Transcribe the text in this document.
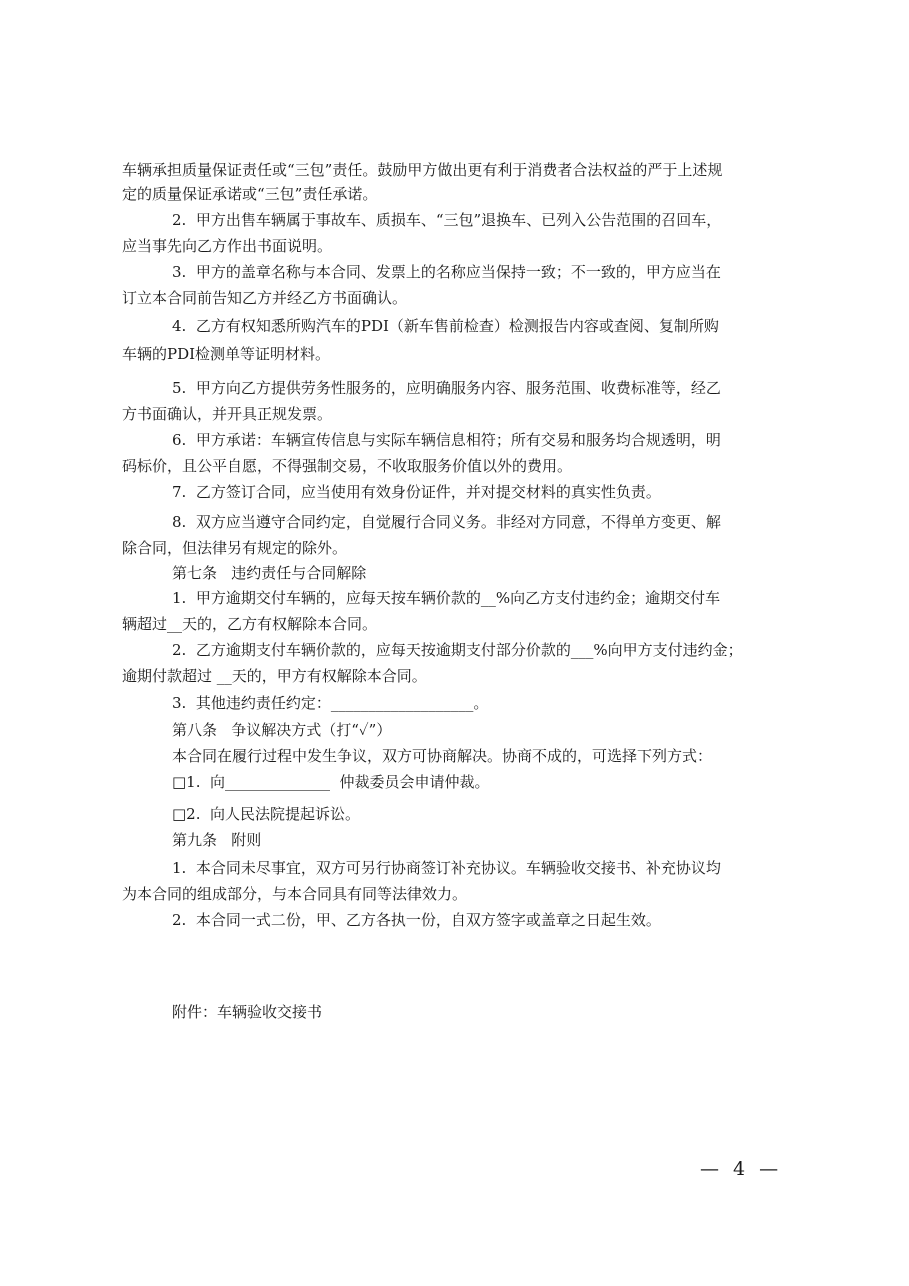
车辆承担质量保证责任或“三包”责任。鼓励甲方做出更有利于消费者合法权益的严于上述规
定的质量保证承诺或“三包”责任承诺。
2.  甲方出售车辆属于事故车、质损车、“三包”退换车、已列入公告范围的召回车，
应当事先向乙方作出书面说明。
3.  甲方的盖章名称与本合同、发票上的名称应当保持一致；不一致的，甲方应当在
订立本合同前告知乙方并经乙方书面确认。
4.  乙方有权知悉所购汽车的PDI（新车售前检查）检测报告内容或查阅、复制所购
车辆的PDI检测单等证明材料。
5.  甲方向乙方提供劳务性服务的，应明确服务内容、服务范围、收费标准等，经乙
方书面确认，并开具正规发票。
6.  甲方承诺：车辆宣传信息与实际车辆信息相符；所有交易和服务均合规透明，明
码标价，且公平自愿，不得强制交易，不收取服务价值以外的费用。
7.  乙方签订合同，应当使用有效身份证件，并对提交材料的真实性负责。
8.  双方应当遵守合同约定，自觉履行合同义务。非经对方同意，不得单方变更、解
除合同，但法律另有规定的除外。
第七条   违约责任与合同解除
1.  甲方逾期交付车辆的，应每天按车辆价款的__%向乙方支付违约金；逾期交付车
辆超过__天的，乙方有权解除本合同。
2.  乙方逾期支付车辆价款的，应每天按逾期支付部分价款的___%向甲方支付违约金；
逾期付款超过 __天的，甲方有权解除本合同。
3.  其他违约责任约定：___________________。
第八条   争议解决方式（打“✓”）
本合同在履行过程中发生争议，双方可协商解决。协商不成的，可选择下列方式：
□1.  向______________  仲裁委员会申请仲裁。
□2.  向人民法院提起诉讼。
第九条   附则
1.  本合同未尽事宜，双方可另行协商签订补充协议。车辆验收交接书、补充协议均
为本合同的组成部分，与本合同具有同等法律效力。
2.  本合同一式二份，甲、乙方各执一份，自双方签字或盖章之日起生效。
附件：车辆验收交接书
— 4 —
